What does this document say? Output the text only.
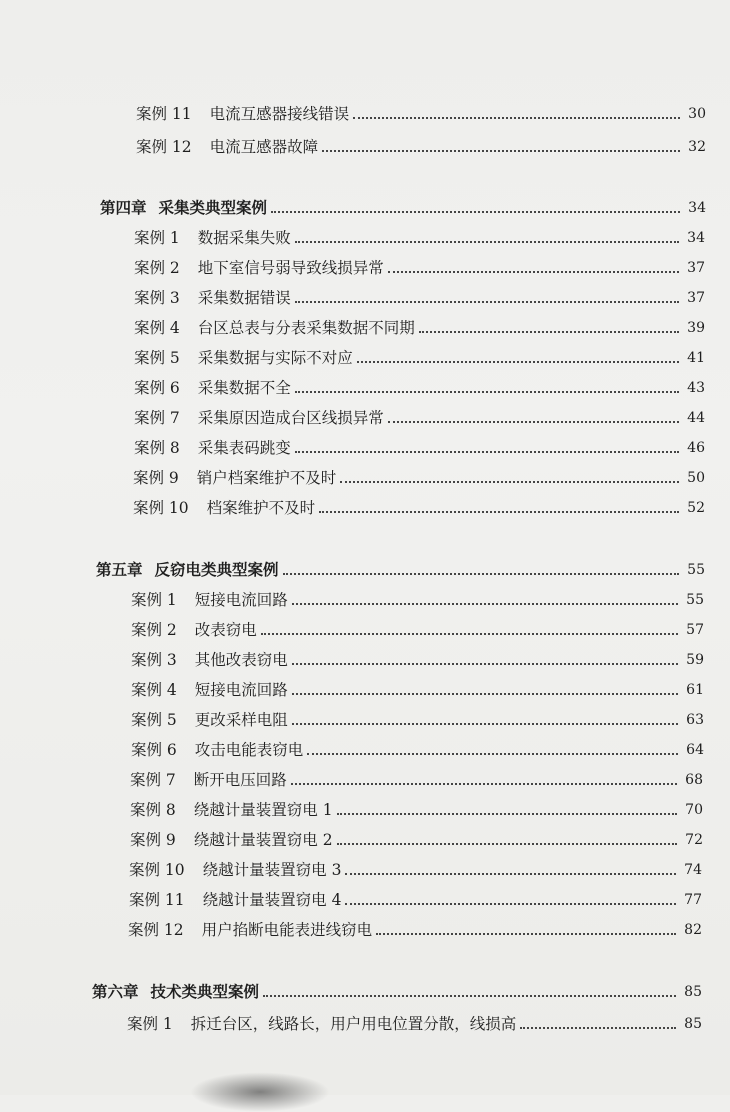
案例 11 电流互感器接线错误	30
案例 12 电流互感器故障	32
第四章 采集类典型案例	34
案例 1 数据采集失败	34
案例 2 地下室信号弱导致线损异常	37
案例 3 采集数据错误	37
案例 4 台区总表与分表采集数据不同期	39
案例 5 采集数据与实际不对应	41
案例 6 采集数据不全	43
案例 7 采集原因造成台区线损异常	44
案例 8 采集表码跳变	46
案例 9 销户档案维护不及时	50
案例 10 档案维护不及时	52
第五章 反窃电类典型案例	55
案例 1 短接电流回路	55
案例 2 改表窃电	57
案例 3 其他改表窃电	59
案例 4 短接电流回路	61
案例 5 更改采样电阻	63
案例 6 攻击电能表窃电	64
案例 7 断开电压回路	68
案例 8 绕越计量装置窃电 1	70
案例 9 绕越计量装置窃电 2	72
案例 10 绕越计量装置窃电 3	74
案例 11 绕越计量装置窃电 4	77
案例 12 用户掐断电能表进线窃电	82
第六章 技术类典型案例	85
案例 1 拆迁台区，线路长，用户用电位置分散，线损高	85
